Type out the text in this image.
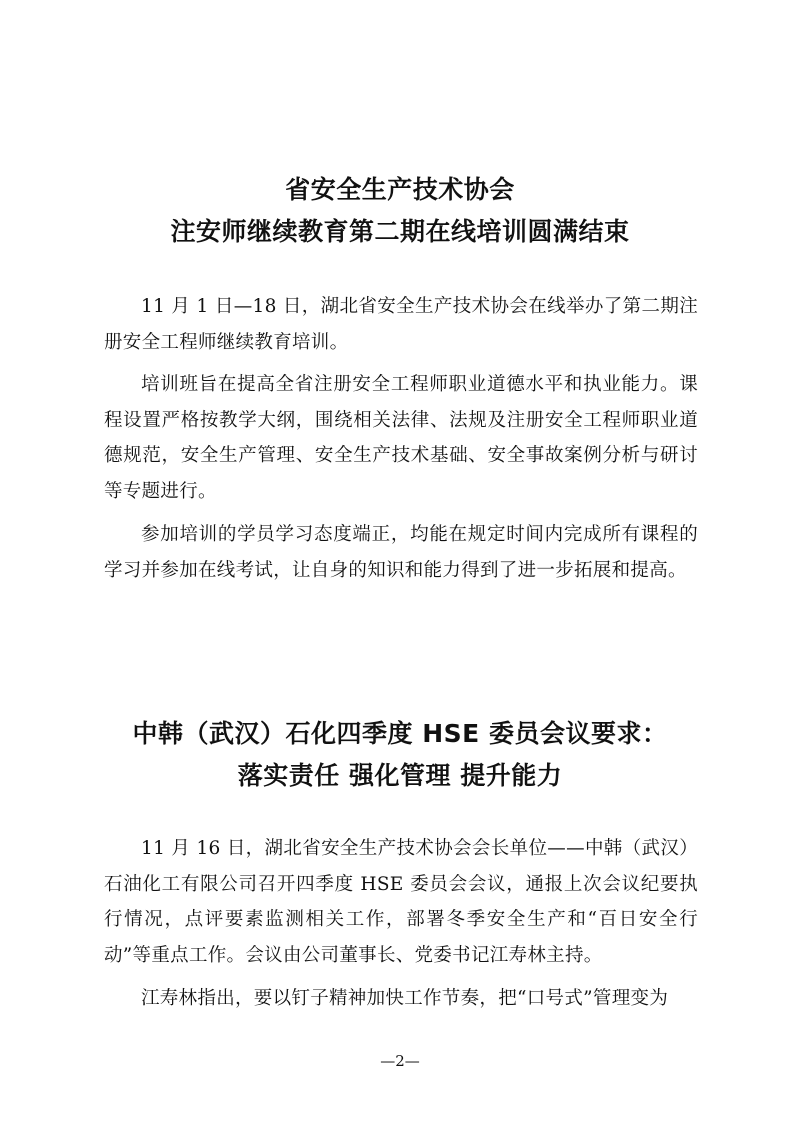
省安全生产技术协会
注安师继续教育第二期在线培训圆满结束

11 月 1 日—18 日，湖北省安全生产技术协会在线举办了第二期注册安全工程师继续教育培训。

培训班旨在提高全省注册安全工程师职业道德水平和执业能力。课程设置严格按教学大纲，围绕相关法律、法规及注册安全工程师职业道德规范，安全生产管理、安全生产技术基础、安全事故案例分析与研讨等专题进行。

参加培训的学员学习态度端正，均能在规定时间内完成所有课程的学习并参加在线考试，让自身的知识和能力得到了进一步拓展和提高。

中韩（武汉）石化四季度 HSE 委员会议要求：
落实责任 强化管理 提升能力

11 月 16 日，湖北省安全生产技术协会会长单位——中韩（武汉）石油化工有限公司召开四季度 HSE 委员会会议，通报上次会议纪要执行情况，点评要素监测相关工作，部署冬季安全生产和“百日安全行动”等重点工作。会议由公司董事长、党委书记江寿林主持。

江寿林指出，要以钉子精神加快工作节奏，把“口号式”管理变为

—2—
